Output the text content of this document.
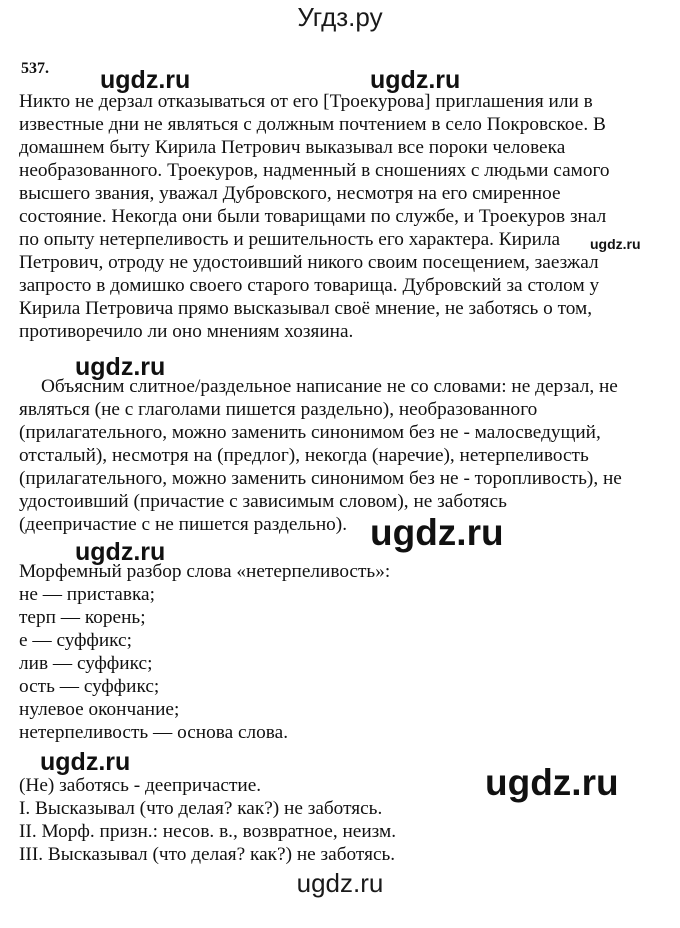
Угдз.ру
537. ugdz.ru	ugdz.ru
ugdz.ru
ugdz.ru
ugdz.ru
ugdz.ru
ugdz.ru	ugdz.ru
Никто не дерзал отказываться от его [Троекурова] приглашения или в
известные дни не являться с должным почтением в село Покровское. В
домашнем быту Кирила Петрович выказывал все пороки человека
необразованного. Троекуров, надменный в сношениях с людьми самого
высшего звания, уважал Дубровского, несмотря на его смиренное
состояние. Некогда они были товарищами по службе, и Троекуров знал
по опыту нетерпеливость и решительность его характера. Кирила
Петрович, отроду не удостоивший никого своим посещением, заезжал
запросто в домишко своего старого товарища. Дубровский за столом у
Кирила Петровича прямо высказывал своё мнение, не заботясь о том,
противоречило ли оно мнениям хозяина.
Объясним слитное/раздельное написание не со словами: не дерзал, не
являться (не с глаголами пишется раздельно), необразованного
(прилагательного, можно заменить синонимом без не - малосведущий,
отсталый), несмотря на (предлог), некогда (наречие), нетерпеливость
(прилагательного, можно заменить синонимом без не - торопливость), не
удостоивший (причастие с зависимым словом), не заботясь
(деепричастие с не пишется раздельно).
Морфемный разбор слова «нетерпеливость»:
не — приставка;
терп — корень;
е — суффикс;
лив — суффикс;
ость — суффикс;
нулевое окончание;
нетерпеливость — основа слова.
(Не) заботясь - деепричастие.
I. Высказывал (что делая? как?) не заботясь.
II. Морф. призн.: несов. в., возвратное, неизм.
III. Высказывал (что делая? как?) не заботясь.
ugdz.ru
